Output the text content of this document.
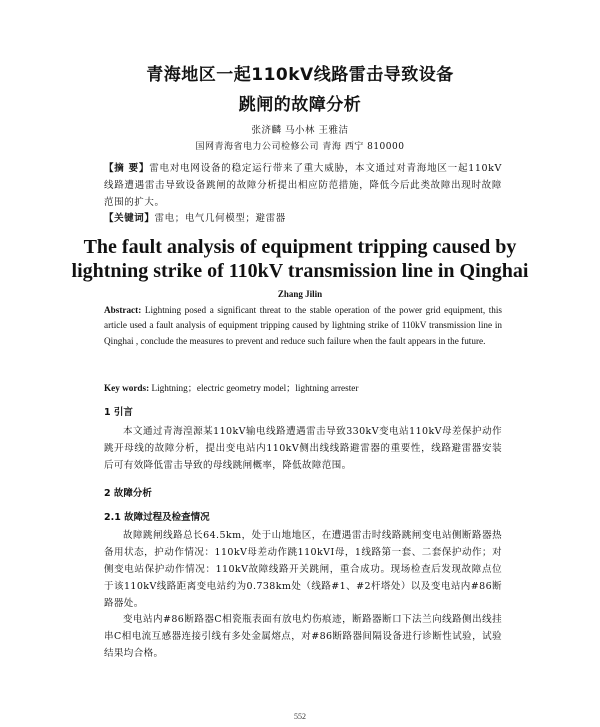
青海地区一起110kV线路雷击导致设备
跳闸的故障分析
张济麟 马小林 王雅洁
国网青海省电力公司检修公司 青海 西宁 810000
【摘 要】雷电对电网设备的稳定运行带来了重大威胁，本文通过对青海地区一起110kV线路遭遇雷击导致设备跳闸的故障分析提出相应防范措施，降低今后此类故障出现时故障范围的扩大。
【关键词】雷电；电气几何模型；避雷器
The fault analysis of equipment tripping caused by
lightning strike of 110kV transmission line in Qinghai
Zhang Jilin
Abstract: Lightning posed a significant threat to the stable operation of the power grid equipment, this article used a fault analysis of equipment tripping caused by lightning strike of 110kV transmission line in Qinghai , conclude the measures to prevent and reduce such failure when the fault appears in the future.
Key words: Lightning；electric geometry model；lightning arrester
1 引言
本文通过青海湟源某110kV输电线路遭遇雷击导致330kV变电站110kV母差保护动作跳开母线的故障分析，提出变电站内110kV侧出线线路避雷器的重要性，线路避雷器安装后可有效降低雷击导致的母线跳闸概率，降低故障范围。
2 故障分析
2.1 故障过程及检查情况
故障跳闸线路总长64.5km，处于山地地区，在遭遇雷击时线路跳闸变电站侧断路器热备用状态，护动作情况：110kV母差动作跳110kVⅠ母，1线路第一套、二套保护动作；对侧变电站保护动作情况：110kV故障线路开关跳闸，重合成功。现场检查后发现故障点位于该110kV线路距离变电站约为0.738km处（线路#1、#2杆塔处）以及变电站内#86断路器处。
变电站内#86断路器C相瓷瓶表面有放电灼伤痕迹，断路器断口下法兰向线路侧出线挂串C相电流互感器连接引线有多处金属熔点，对#86断路器间隔设备进行诊断性试验，试验结果均合格。
552
